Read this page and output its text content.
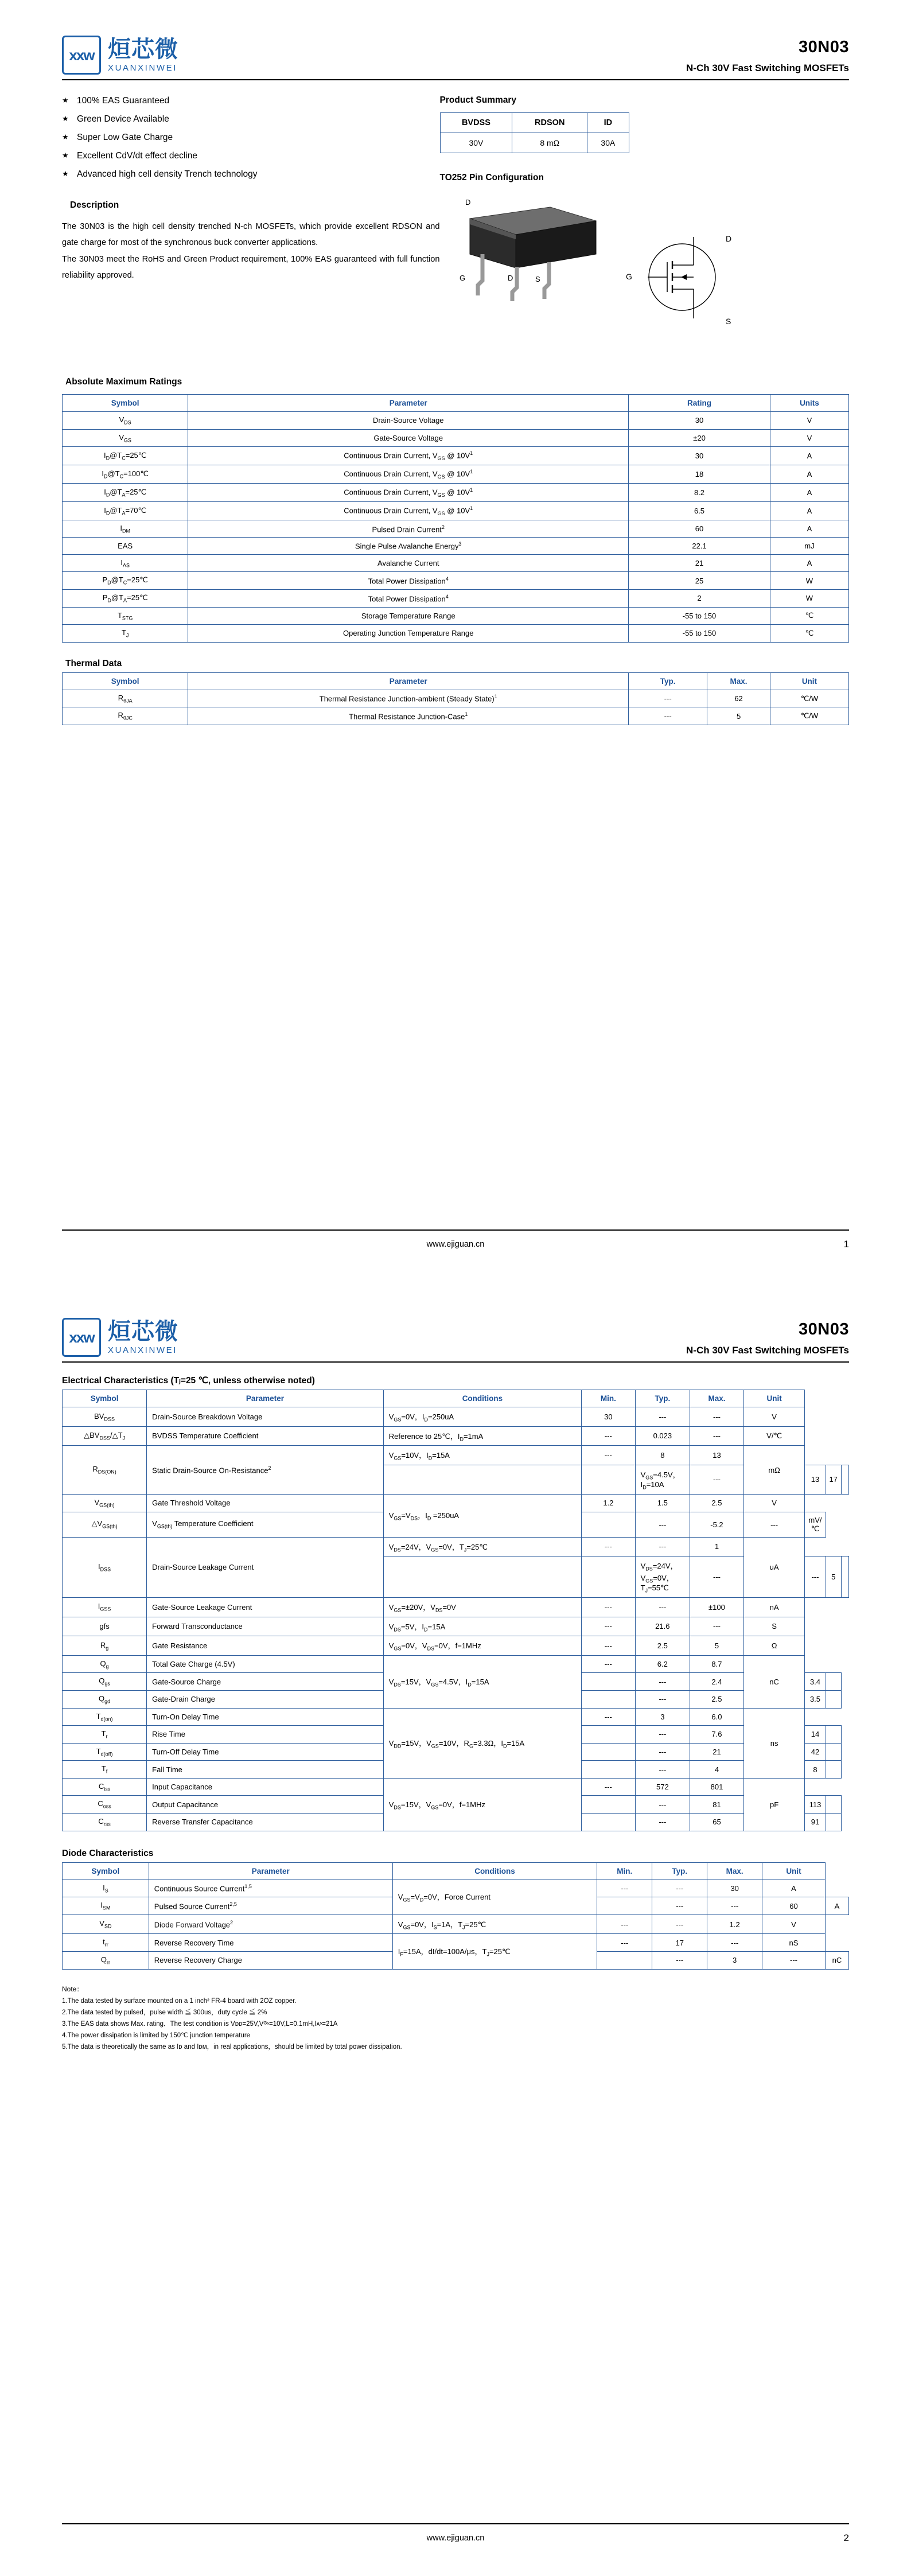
xxw 烜芯微
XUANXINWEI
30N03
N-Ch 30V Fast Switching MOSFETs
★ 100% EAS Guaranteed
★ Green Device Available
★ Super Low Gate Charge
★ Excellent CdV/dt effect decline
★ Advanced high cell density Trench technology
Description

The 30N03 is the high cell density trenched N-ch MOSFETs, which provide excellent RDSON and gate charge for most of the synchronous buck converter applications.

The 30N03 meet the RoHS and Green Product requirement, 100% EAS guaranteed with full function reliability approved.

Product Summary
BVDSS	RDSON	ID
30V	8 mΩ	30A
TO252 Pin Configuration
D
D	S
G
D
G
S
Absolute Maximum Ratings
Symbol	Parameter	Rating	Units
$V_{DS}$	Drain-Source Voltage	30	V
$V_{GS}$	Gate-Source Voltage	±20	V
$I_D@T_C=25℃$	Continuous Drain Current, $V_{GS}$ @ $10V^1$	30	A
$I_D@T_C=100℃$	Continuous Drain Current, $V_{GS}$ @ $10V^1$	18	A
$I_D@T_A=25℃$	Continuous Drain Current, $V_{GS}$ @ $10V^1$	8.2	A
$I_D@T_A=70℃$	Continuous Drain Current, $V_{GS}$ @ $10V^1$	6.5	A
$I_{DM}$	Pulsed Drain Current$^2$	60	A
EAS	Single Pulse Avalanche Energy$^3$	22.1	mJ
$I_{AS}$	Avalanche Current	21	A
$P_D@T_C=25℃$	Total Power Dissipation$^4$	25	W
$P_D@T_A=25℃$	Total Power Dissipation$^4$	2	W
$T_{STG}$	Storage Temperature Range	-55 to 150	℃
$T_J$	Operating Junction Temperature Range	-55 to 150	℃
Thermal Data
Symbol	Parameter	Typ.	Max.	Unit
$R_{\theta JA}$	Thermal Resistance Junction-ambient (Steady State)$^1$	---	62	℃/W
$R_{\theta JC}$	Thermal Resistance Junction-Case$^1$	---	5	℃/W
www.ejiguan.cn	1
xxw 烜芯微
XUANXINWEI
30N03
N-Ch 30V Fast Switching MOSFETs
Electrical Characteristics (Tⱼ=25 ℃, unless otherwise noted)
Symbol	Parameter	Conditions	Min.	Typ.	Max.	Unit			
$BV_{DSS}$	Drain-Source Breakdown Voltage	$V_{GS}=0V$，$I_D=250uA$	30	---	---	V			
$\triangle BV_{DSS}/\triangle T_J$	BVDSS Temperature Coefficient	Reference to 25℃，$I_D=1mA$	---	0.023	---	V/℃			
$R_{DS(ON)}$	Static Drain-Source On-Resistance$^2$	$V_{GS}=10V$，$I_D=15A$	---	8	13	mΩ			
				$V_{GS}=4.5V$，$I_D=10A$	---		13	17	
$V_{GS(th)}$	Gate Threshold Voltage	$V_{GS}=V_{DS}$，$I_D =250uA$	1.2	1.5	2.5	V			
$\triangle V_{GS(th)}$	$V_{GS(th)}$ Temperature Coefficient			---	-5.2	---	mV/℃		
$I_{DSS}$	Drain-Source Leakage Current	$V_{DS}=24V$，$V_{GS}=0V$，$T_J=25℃$	---	---	1	uA			
				$V_{DS}=24V$，$V_{GS}=0V$，$T_J=55℃$	---		---	5	
$I_{GSS}$	Gate-Source Leakage Current	$V_{GS}=\pm 20V$，$V_{DS}=0V$	---	---	±100	nA			
gfs	Forward Transconductance	$V_{DS}=5V$，$I_D=15A$	---	21.6	---	S			
$R_g$	Gate Resistance	$V_{GS}=0V$，$V_{DS}=0V$，f=1MHz	---	2.5	5	Ω			
$Q_g$	Total Gate Charge (4.5V)	$V_{DS}=15V$，$V_{GS}=4.5V$，$I_D=15A$	---	6.2	8.7	nC			
$Q_{gs}$	Gate-Source Charge			---	2.4		3.4		
$Q_{gd}$	Gate-Drain Charge			---	2.5		3.5		
$T_{d(on)}$	Turn-On Delay Time	$V_{DD}=15V$，$V_{GS}=10V$，$R_G=3.3\Omega$，$I_D=15A$	---	3	6.0	ns			
$T_r$	Rise Time			---	7.6		14		
$T_{d(off)}$	Turn-Off Delay Time			---	21		42		
$T_f$	Fall Time			---	4		8		
$C_{iss}$	Input Capacitance	$V_{DS}=15V$，$V_{GS}=0V$，f=1MHz	---	572	801	pF			
$C_{oss}$	Output Capacitance			---	81		113		
$C_{rss}$	Reverse Transfer Capacitance			---	65		91		
Diode Characteristics
Symbol	Parameter	Conditions	Min.	Typ.	Max.	Unit	
$I_S$	Continuous Source Current$^{1,5}$	$V_{GS}=V_D=0V$，Force Current	---	---	30	A	
$I_{SM}$	Pulsed Source Current$^{2,5}$			---	---	60	A
$V_{SD}$	Diode Forward Voltage$^2$	$V_{GS}=0V$，$I_S=1A$，$T_J=25℃$	---	---	1.2	V	
$t_{rr}$	Reverse Recovery Time	$I_F=15A$，dI/dt=100A/μs，$T_J=25℃$	---	17	---	nS	
$Q_{rr}$	Reverse Recovery Charge			---	3	---	nC
Note：
1.The data tested by surface mounted on a 1 inch² FR-4 board with 2OZ copper.
2.The data tested by pulsed，pulse width ≦ 300us，duty cycle ≦ 2%
3.The EAS data shows Max. rating．The test condition is Vᴅᴅ=25V,Vᴳˢ=10V,L=0.1mH,Iᴀˢ=21A
4.The power dissipation is limited by 150℃ junction temperature
5.The data is theoretically the same as Iᴅ and Iᴅᴍ，in real applications，should be limited by total power dissipation.
www.ejiguan.cn	2
